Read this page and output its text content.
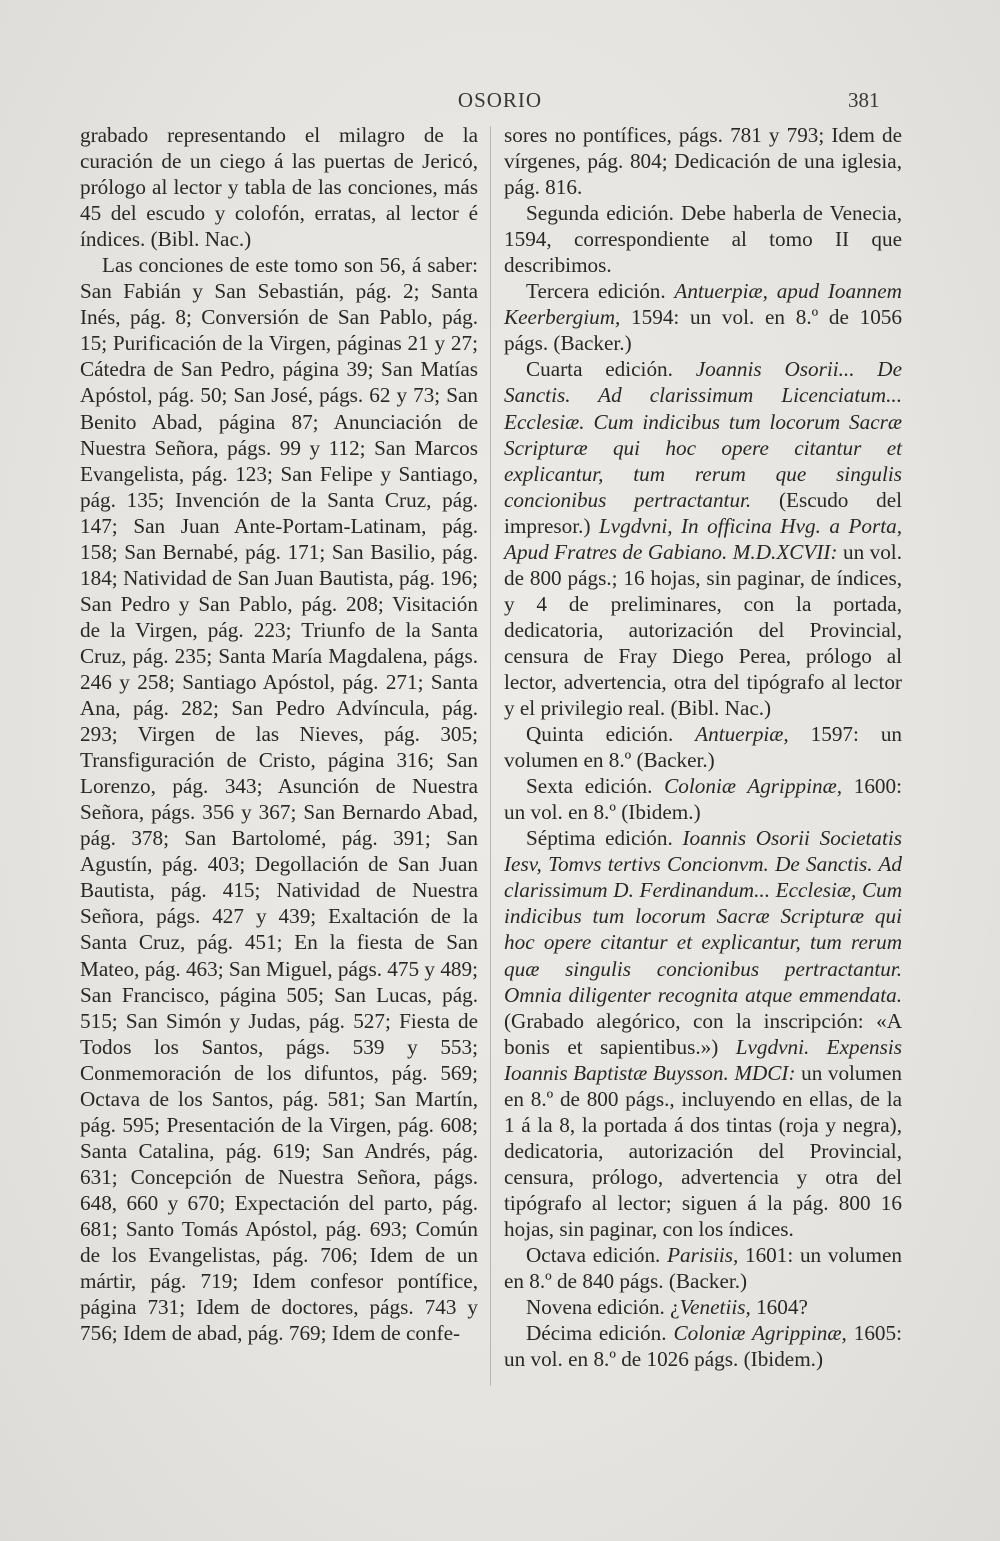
OSORIO	381

grabado representando el milagro de la curación de un ciego á las puertas de Jericó, prólogo al lector y tabla de las conciones, más 45 del escudo y colofón, erratas, al lector é índices. (Bibl. Nac.)

Las conciones de este tomo son 56, á saber: San Fabián y San Sebastián, pág. 2; Santa Inés, pág. 8; Conversión de San Pablo, pág. 15; Purificación de la Virgen, páginas 21 y 27; Cátedra de San Pedro, página 39; San Matías Apóstol, pág. 50; San José, págs. 62 y 73; San Benito Abad, página 87; Anunciación de Nuestra Señora, págs. 99 y 112; San Marcos Evangelista, pág. 123; San Felipe y Santiago, pág. 135; Invención de la Santa Cruz, pág. 147; San Juan Ante-Portam-Latinam, pág. 158; San Bernabé, pág. 171; San Basilio, pág. 184; Natividad de San Juan Bautista, pág. 196; San Pedro y San Pablo, pág. 208; Visitación de la Virgen, pág. 223; Triunfo de la Santa Cruz, pág. 235; Santa María Magdalena, págs. 246 y 258; Santiago Apóstol, pág. 271; Santa Ana, pág. 282; San Pedro Advíncula, pág. 293; Virgen de las Nieves, pág. 305; Transfiguración de Cristo, página 316; San Lorenzo, pág. 343; Asunción de Nuestra Señora, págs. 356 y 367; San Bernardo Abad, pág. 378; San Bartolomé, pág. 391; San Agustín, pág. 403; Degollación de San Juan Bautista, pág. 415; Natividad de Nuestra Señora, págs. 427 y 439; Exaltación de la Santa Cruz, pág. 451; En la fiesta de San Mateo, pág. 463; San Miguel, págs. 475 y 489; San Francisco, página 505; San Lucas, pág. 515; San Simón y Judas, pág. 527; Fiesta de Todos los Santos, págs. 539 y 553; Conmemoración de los difuntos, pág. 569; Octava de los Santos, pág. 581; San Martín, pág. 595; Presentación de la Virgen, pág. 608; Santa Catalina, pág. 619; San Andrés, pág. 631; Concepción de Nuestra Señora, págs. 648, 660 y 670; Expectación del parto, pág. 681; Santo Tomás Apóstol, pág. 693; Común de los Evangelistas, pág. 706; Idem de un mártir, pág. 719; Idem confesor pontífice, página 731; Idem de doctores, págs. 743 y 756; Idem de abad, pág. 769; Idem de confe-

sores no pontífices, págs. 781 y 793; Idem de vírgenes, pág. 804; Dedicación de una iglesia, pág. 816.

Segunda edición. Debe haberla de Venecia, 1594, correspondiente al tomo II que describimos.

Tercera edición. Antuerpiæ, apud Ioannem Keerbergium, 1594: un vol. en 8.º de 1056 págs. (Backer.)

Cuarta edición. Joannis Osorii... De Sanctis. Ad clarissimum Licenciatum... Ecclesiæ. Cum indicibus tum locorum Sacræ Scripturæ qui hoc opere citantur et explicantur, tum rerum que singulis concionibus pertractantur. (Escudo del impresor.) Lvgdvni, In officina Hvg. a Porta, Apud Fratres de Gabiano. M.D.XCVII: un vol. de 800 págs.; 16 hojas, sin paginar, de índices, y 4 de preliminares, con la portada, dedicatoria, autorización del Provincial, censura de Fray Diego Perea, prólogo al lector, advertencia, otra del tipógrafo al lector y el privilegio real. (Bibl. Nac.)

Quinta edición. Antuerpiæ, 1597: un volumen en 8.º (Backer.)

Sexta edición. Coloniæ Agrippinæ, 1600: un vol. en 8.º (Ibidem.)

Séptima edición. Ioannis Osorii Societatis Iesv, Tomvs tertivs Concionvm. De Sanctis. Ad clarissimum D. Ferdinandum... Ecclesiæ, Cum indicibus tum locorum Sacræ Scripturæ qui hoc opere citantur et explicantur, tum rerum quæ singulis concionibus pertractantur. Omnia diligenter recognita atque emmendata. (Grabado alegórico, con la inscripción: «A bonis et sapientibus.») Lvgdvni. Expensis Ioannis Baptistæ Buysson. MDCI: un volumen en 8.º de 800 págs., incluyendo en ellas, de la 1 á la 8, la portada á dos tintas (roja y negra), dedicatoria, autorización del Provincial, censura, prólogo, advertencia y otra del tipógrafo al lector; siguen á la pág. 800 16 hojas, sin paginar, con los índices.

Octava edición. Parisiis, 1601: un volumen en 8.º de 840 págs. (Backer.)

Novena edición. ¿Venetiis, 1604?

Décima edición. Coloniæ Agrippinæ, 1605: un vol. en 8.º de 1026 págs. (Ibidem.)
